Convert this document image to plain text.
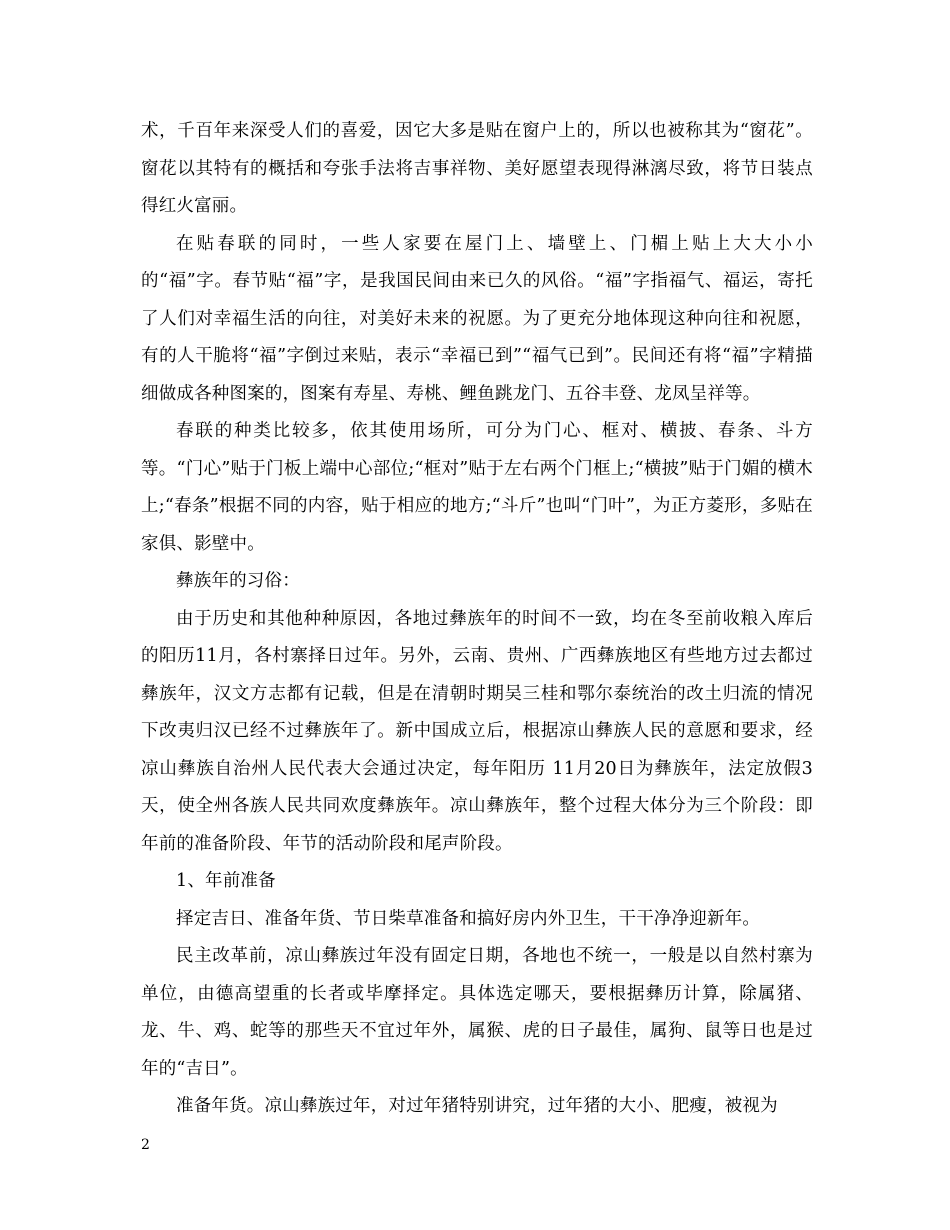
术，千百年来深受人们的喜爱，因它大多是贴在窗户上的，所以也被称其为“窗花”。窗花以其特有的概括和夸张手法将吉事祥物、美好愿望表现得淋漓尽致，将节日装点得红火富丽。

在贴春联的同时，一些人家要在屋门上、墙壁上、门楣上贴上大大小小的“福”字。春节贴“福”字，是我国民间由来已久的风俗。“福”字指福气、福运，寄托了人们对幸福生活的向往，对美好未来的祝愿。为了更充分地体现这种向往和祝愿，有的人干脆将“福”字倒过来贴，表示“幸福已到”“福气已到”。民间还有将“福”字精描细做成各种图案的，图案有寿星、寿桃、鲤鱼跳龙门、五谷丰登、龙凤呈祥等。

春联的种类比较多，依其使用场所，可分为门心、框对、横披、春条、斗方等。“门心”贴于门板上端中心部位;“框对”贴于左右两个门框上;“横披”贴于门媚的横木上;“春条”根据不同的内容，贴于相应的地方;“斗斤”也叫“门叶”，为正方菱形，多贴在家俱、影壁中。

彝族年的习俗：

由于历史和其他种种原因，各地过彝族年的时间不一致，均在冬至前收粮入库后的阳历11月，各村寨择日过年。另外，云南、贵州、广西彝族地区有些地方过去都过彝族年，汉文方志都有记载，但是在清朝时期吴三桂和鄂尔泰统治的改土归流的情况下改夷归汉已经不过彝族年了。新中国成立后，根据凉山彝族人民的意愿和要求，经凉山彝族自治州人民代表大会通过决定，每年阳历 11月20日为彝族年，法定放假3天，使全州各族人民共同欢度彝族年。凉山彝族年，整个过程大体分为三个阶段：即年前的准备阶段、年节的活动阶段和尾声阶段。

1、年前准备

择定吉日、准备年货、节日柴草准备和搞好房内外卫生，干干净净迎新年。

民主改革前，凉山彝族过年没有固定日期，各地也不统一，一般是以自然村寨为单位，由德高望重的长者或毕摩择定。具体选定哪天，要根据彝历计算，除属猪、龙、牛、鸡、蛇等的那些天不宜过年外，属猴、虎的日子最佳，属狗、鼠等日也是过年的“吉日”。

准备年货。凉山彝族过年，对过年猪特别讲究，过年猪的大小、肥瘦，被视为

2
